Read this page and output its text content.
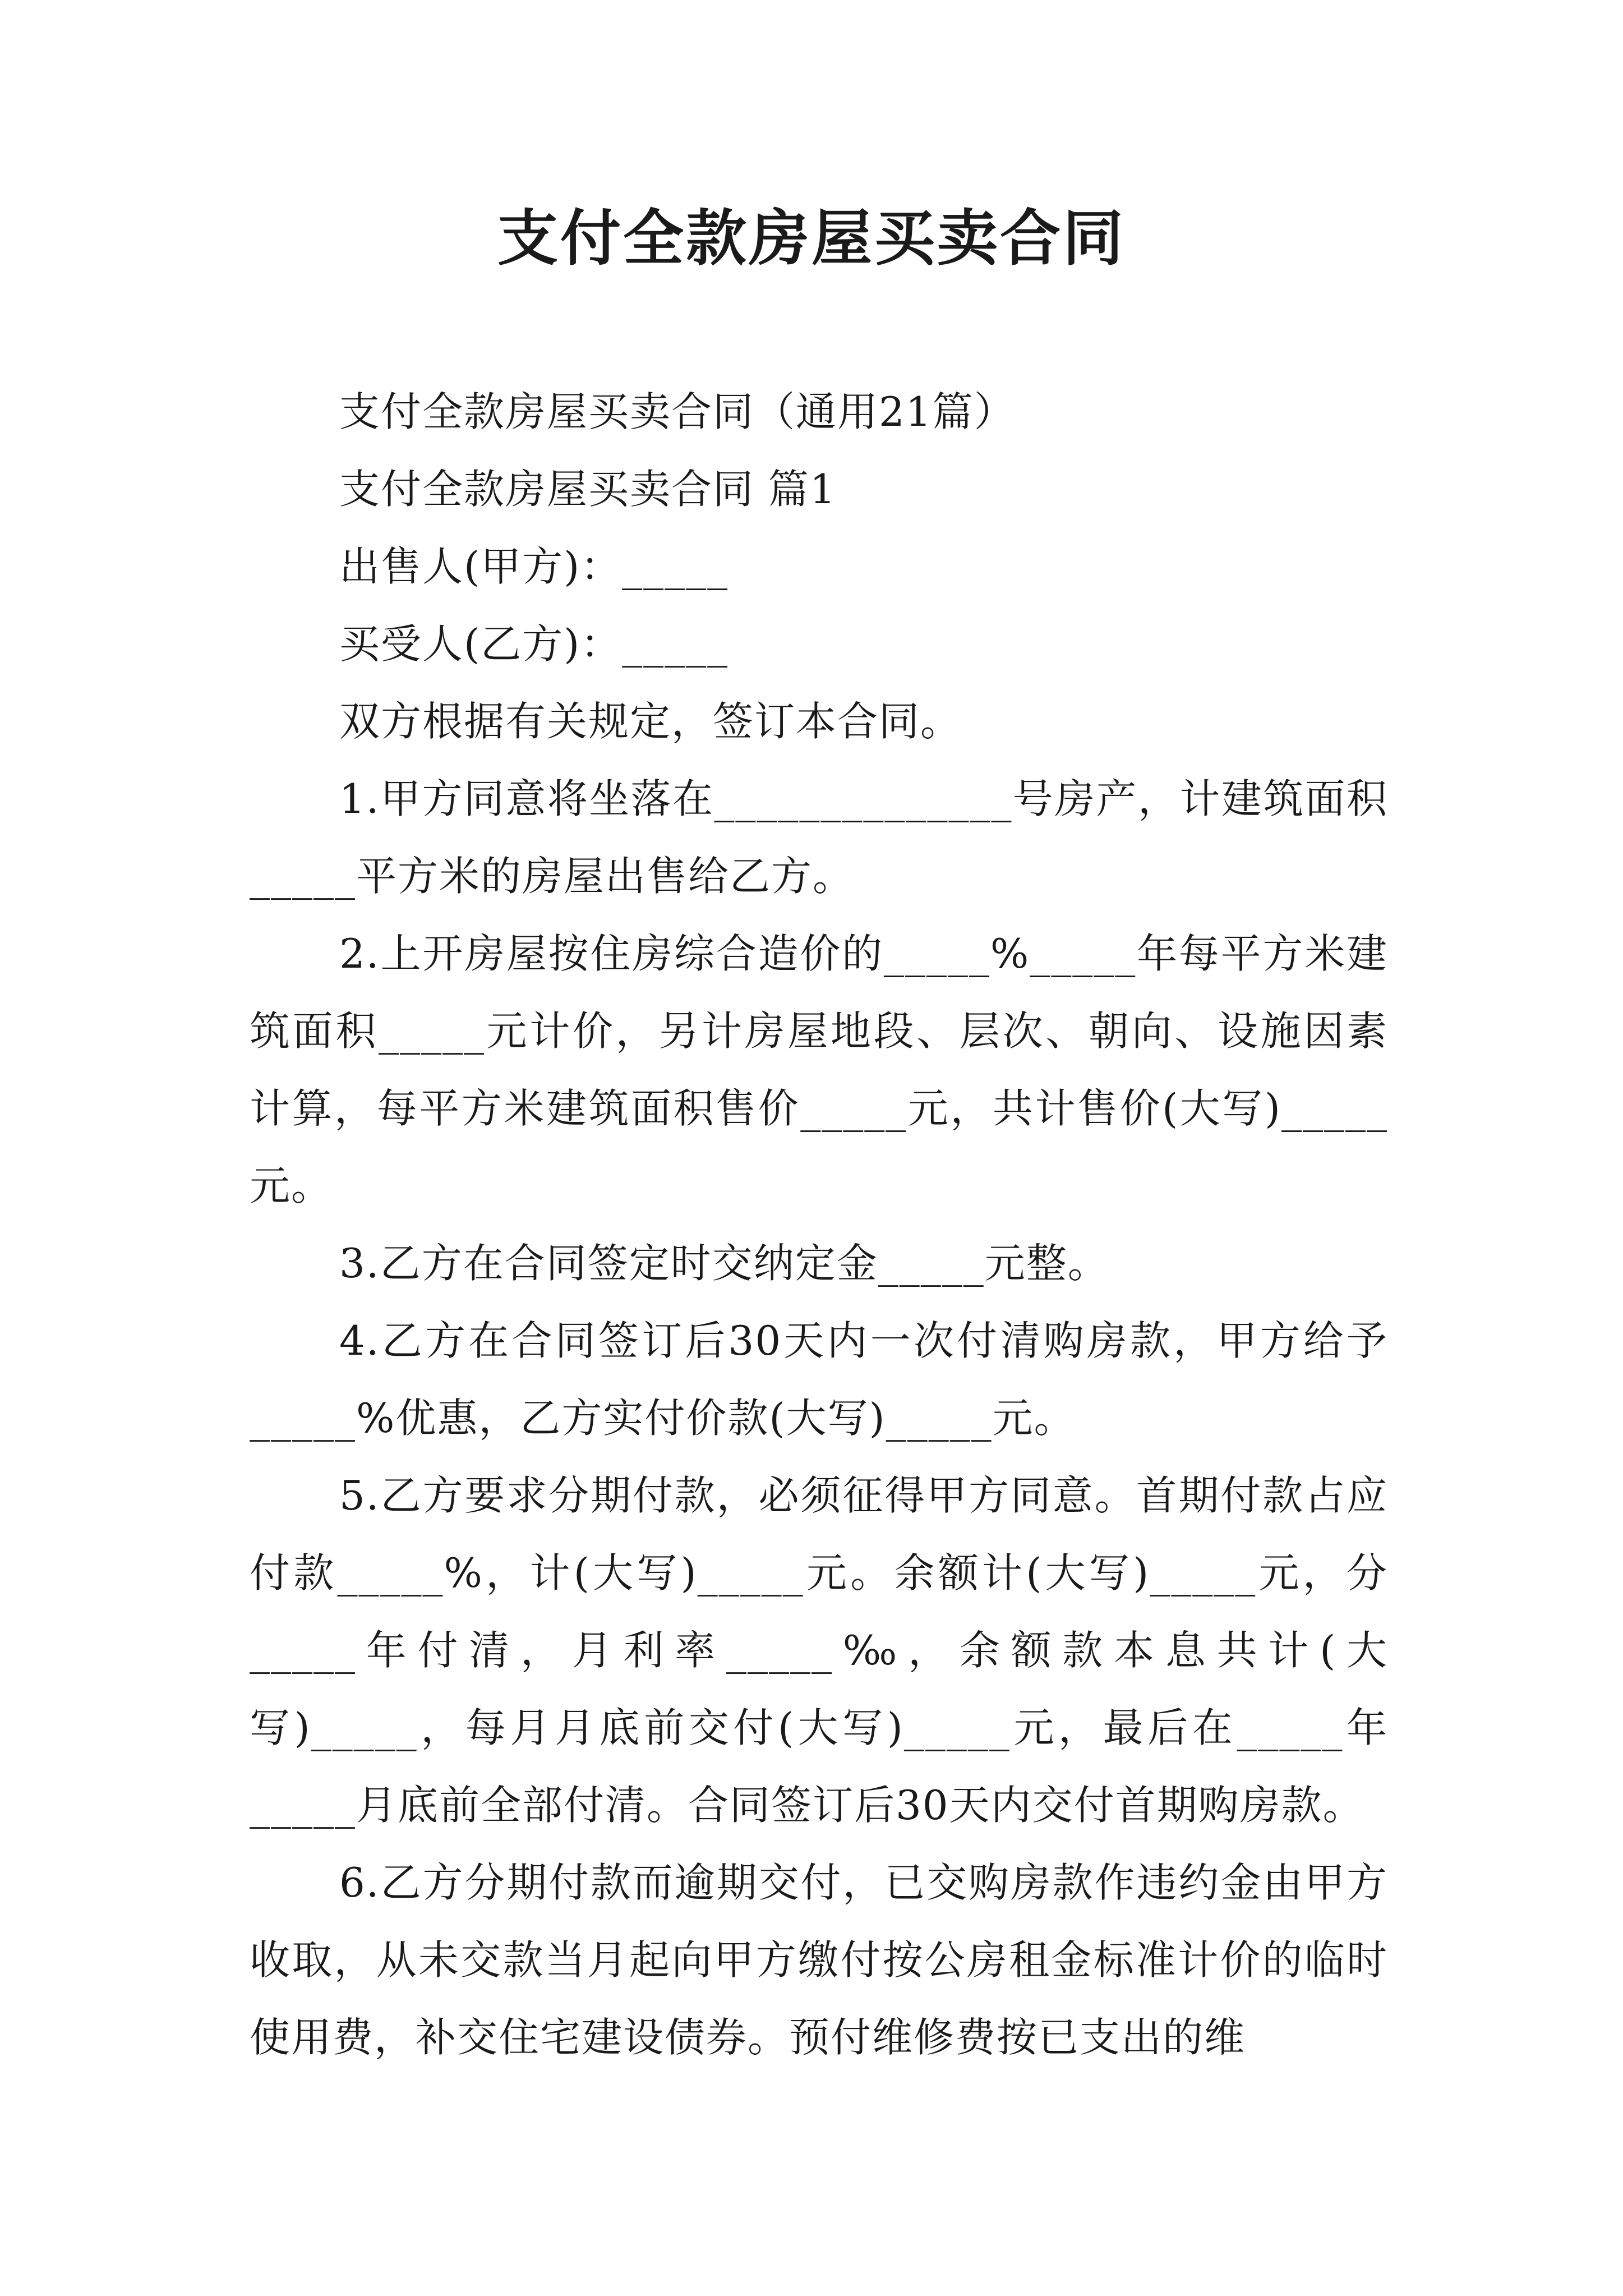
支付全款房屋买卖合同

支付全款房屋买卖合同（通用21篇）

支付全款房屋买卖合同 篇1

出售人(甲方)：_____

买受人(乙方)：_____

双方根据有关规定，签订本合同。

1.甲方同意将坐落在______________号房产，计建筑面积_____平方米的房屋出售给乙方。

2.上开房屋按住房综合造价的_____%_____年每平方米建筑面积_____元计价，另计房屋地段、层次、朝向、设施因素计算，每平方米建筑面积售价_____元，共计售价(大写)_____元。

3.乙方在合同签定时交纳定金_____元整。

4.乙方在合同签订后30天内一次付清购房款，甲方给予_____%优惠，乙方实付价款(大写)_____元。

5.乙方要求分期付款，必须征得甲方同意。首期付款占应付款_____%，计(大写)_____元。余额计(大写)_____元，分_____年付清，月利率_____‰，余额款本息共计(大写)_____，每月月底前交付(大写)_____元，最后在_____年_____月底前全部付清。合同签订后30天内交付首期购房款。

6.乙方分期付款而逾期交付，已交购房款作违约金由甲方收取，从未交款当月起向甲方缴付按公房租金标准计价的临时使用费，补交住宅建设债券。预付维修费按已支出的维
